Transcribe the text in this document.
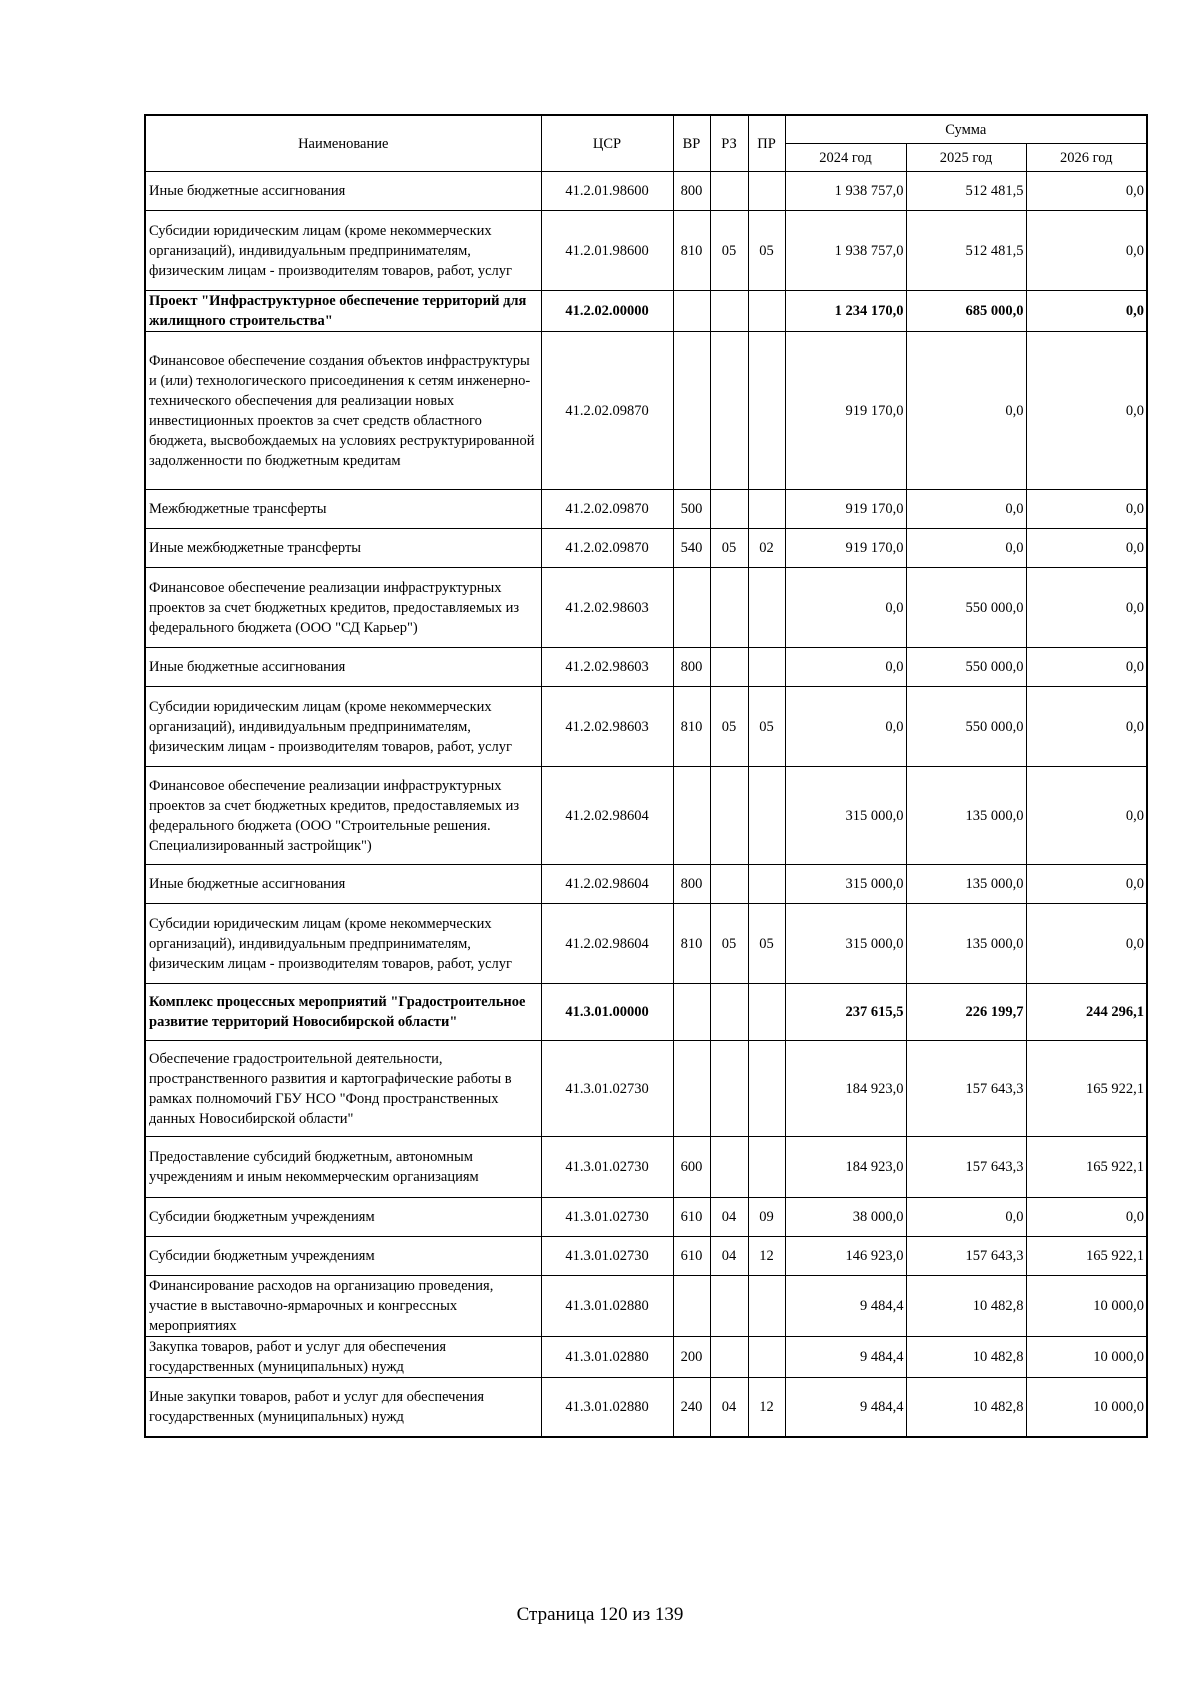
Наименование	ЦСР	ВР	РЗ	ПР	Сумма		
					2024 год	2025 год	2026 год
Иные бюджетные ассигнования	41.2.01.98600	800			1 938 757,0	512 481,5	0,0
Субсидии юридическим лицам (кроме некоммерческих организаций), индивидуальным предпринимателям, физическим лицам - производителям товаров, работ, услуг	41.2.01.98600	810	05	05	1 938 757,0	512 481,5	0,0
Проект "Инфраструктурное обеспечение территорий для жилищного строительства"	41.2.02.00000				1 234 170,0	685 000,0	0,0
Финансовое обеспечение создания объектов инфраструктуры и (или) технологического присоединения к сетям инженерно-технического обеспечения для реализации новых инвестиционных проектов за счет средств областного бюджета, высвобождаемых на условиях реструктурированной задолженности по бюджетным кредитам	41.2.02.09870				919 170,0	0,0	0,0
Межбюджетные трансферты	41.2.02.09870	500			919 170,0	0,0	0,0
Иные межбюджетные трансферты	41.2.02.09870	540	05	02	919 170,0	0,0	0,0
Финансовое обеспечение реализации инфраструктурных проектов за счет бюджетных кредитов, предоставляемых из федерального бюджета (ООО "СД Карьер")	41.2.02.98603				0,0	550 000,0	0,0
Иные бюджетные ассигнования	41.2.02.98603	800			0,0	550 000,0	0,0
Субсидии юридическим лицам (кроме некоммерческих организаций), индивидуальным предпринимателям, физическим лицам - производителям товаров, работ, услуг	41.2.02.98603	810	05	05	0,0	550 000,0	0,0
Финансовое обеспечение реализации инфраструктурных проектов за счет бюджетных кредитов, предоставляемых из федерального бюджета (ООО "Строительные решения. Специализированный застройщик")	41.2.02.98604				315 000,0	135 000,0	0,0
Иные бюджетные ассигнования	41.2.02.98604	800			315 000,0	135 000,0	0,0
Субсидии юридическим лицам (кроме некоммерческих организаций), индивидуальным предпринимателям, физическим лицам - производителям товаров, работ, услуг	41.2.02.98604	810	05	05	315 000,0	135 000,0	0,0
Комплекс процессных мероприятий "Градостроительное развитие территорий Новосибирской области"	41.3.01.00000				237 615,5	226 199,7	244 296,1
Обеспечение градостроительной деятельности, пространственного развития и картографические работы в рамках полномочий ГБУ НСО "Фонд пространственных данных Новосибирской области"	41.3.01.02730				184 923,0	157 643,3	165 922,1
Предоставление субсидий бюджетным, автономным учреждениям и иным некоммерческим организациям	41.3.01.02730	600			184 923,0	157 643,3	165 922,1
Субсидии бюджетным учреждениям	41.3.01.02730	610	04	09	38 000,0	0,0	0,0
Субсидии бюджетным учреждениям	41.3.01.02730	610	04	12	146 923,0	157 643,3	165 922,1
Финансирование расходов на организацию проведения, участие в выставочно-ярмарочных и конгрессных мероприятиях	41.3.01.02880				9 484,4	10 482,8	10 000,0
Закупка товаров, работ и услуг для обеспечения государственных (муниципальных) нужд	41.3.01.02880	200			9 484,4	10 482,8	10 000,0
Иные закупки товаров, работ и услуг для обеспечения государственных (муниципальных) нужд	41.3.01.02880	240	04	12	9 484,4	10 482,8	10 000,0
Страница 120 из 139
